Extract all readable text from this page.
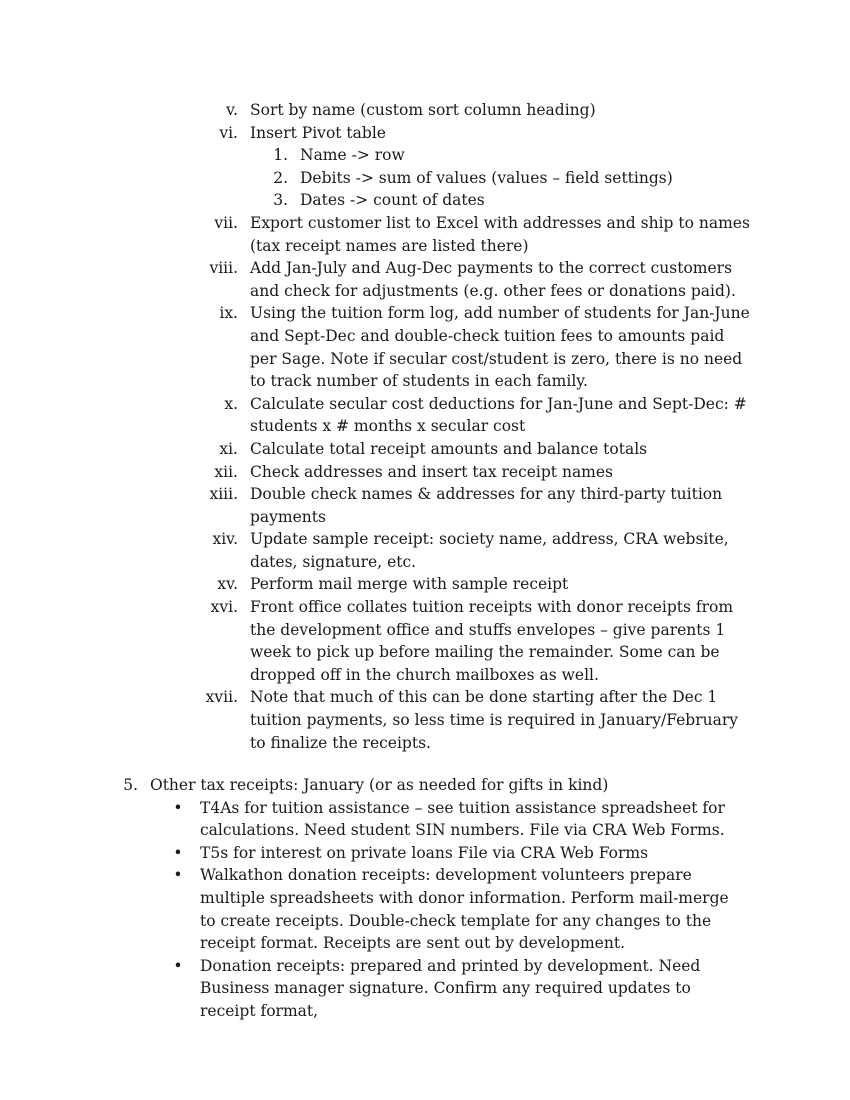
v. Sort by name (custom sort column heading)
vi. Insert Pivot table
1. Name -> row
2. Debits -> sum of values (values – field settings)
3. Dates -> count of dates
vii. Export customer list to Excel with addresses and ship to names (tax receipt names are listed there)
viii. Add Jan-July and Aug-Dec payments to the correct customers and check for adjustments (e.g. other fees or donations paid).
ix. Using the tuition form log, add number of students for Jan-June and Sept-Dec and double-check tuition fees to amounts paid per Sage. Note if secular cost/student is zero, there is no need to track number of students in each family.
x. Calculate secular cost deductions for Jan-June and Sept-Dec: # students x # months x secular cost
xi. Calculate total receipt amounts and balance totals
xii. Check addresses and insert tax receipt names
xiii. Double check names & addresses for any third-party tuition payments
xiv. Update sample receipt: society name, address, CRA website, dates, signature, etc.
xv. Perform mail merge with sample receipt
xvi. Front office collates tuition receipts with donor receipts from the development office and stuffs envelopes – give parents 1 week to pick up before mailing the remainder. Some can be dropped off in the church mailboxes as well.
xvii. Note that much of this can be done starting after the Dec 1 tuition payments, so less time is required in January/February to finalize the receipts.
5. Other tax receipts: January (or as needed for gifts in kind)
• T4As for tuition assistance – see tuition assistance spreadsheet for calculations. Need student SIN numbers. File via CRA Web Forms.
• T5s for interest on private loans File via CRA Web Forms
• Walkathon donation receipts: development volunteers prepare multiple spreadsheets with donor information. Perform mail-merge to create receipts. Double-check template for any changes to the receipt format. Receipts are sent out by development.
• Donation receipts: prepared and printed by development. Need Business manager signature. Confirm any required updates to receipt format,
